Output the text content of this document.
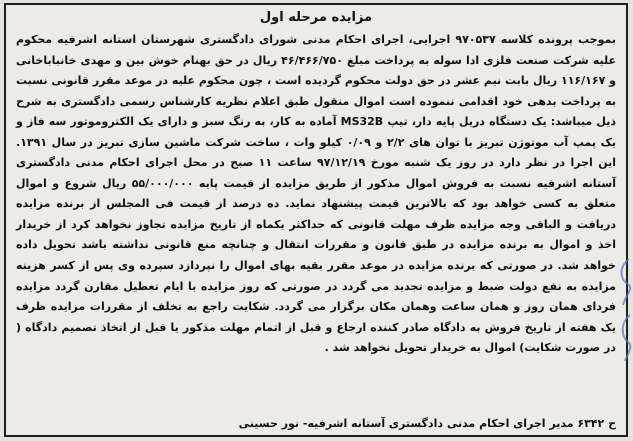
مزایده مرحله اول

بموجب پرونده کلاسه ۹۷۰۵۳۷ اجرایی، اجرای احکام مدنی شورای دادگستری شهرستان استانه اشرفیه محکوم علیه شرکت صنعت فلزی ادا سوله به پرداخت مبلغ ۴۶/۴۶۶/۷۵۰ ریال در حق بهنام خوش بین و مهدی خانباباخانی و ۱۱۶/۱۶۷ ریال بابت نیم عشر در حق دولت محکوم گردیده است ، چون محکوم علیه در موعد مقرر قانونی نسبت به پرداخت بدهی خود اقدامی ننموده است اموال منقول طبق اعلام نظریه کارشناس رسمی دادگستری به شرح ذیل میباشد: یک دستگاه دریل پایه دار، تیپ MS32B آماده به کار، به رنگ سبز و دارای یک الکتروموتور سه فاز و یک پمپ آب موتوژن تبریز با توان های ۲/۲ و ۰/۰۹ کیلو وات ، ساخت شرکت ماشین سازی تبریز در سال ۱۳۹۱. این اجرا در نظر دارد در روز یک شنبه مورخ ۹۷/۱۲/۱۹ ساعت ۱۱ صبح در محل اجرای احکام مدنی دادگستری آستانه اشرفیه نسبت به فروش اموال مذکور از طریق مزایده از قیمت پایه ۵۵/۰۰۰/۰۰۰ ریال شروع و اموال متعلق به کسی خواهد بود که بالاترین قیمت پیشنهاد نماید. ده درصد از قیمت فی المجلس از برنده مزایده دریافت و الباقی وجه مزایده ظرف مهلت قانونی که حداکثر یکماه از تاریخ مزایده تجاوز نخواهد کرد از خریدار اخذ و اموال به برنده مزایده در طبق قانون و مقررات انتقال و چنانچه منع قانونی نداشته باشد تحویل داده خواهد شد. در صورتی که برنده مزایده در موعد مقرر بقیه بهای اموال را نپردازد سپرده وی پس از کسر هزینه مزایده به نفع دولت ضبط و مزایده تجدید می گردد در صورتی که روز مزایده با ایام تعطیل مقارن گردد مزایده فردای همان روز و همان ساعت وهمان مکان برگزار می گردد. شکایت راجع به تخلف از مقررات مزایده ظرف یک هفته از تاریخ فروش به دادگاه صادر کننده ارجاع و قبل از اتمام مهلت مذکور یا قبل از اتخاذ تصمیم دادگاه ( در صورت شکایت) اموال به خریدار تحویل نخواهد شد .

ح ۶۳۴۲ مدیر اجرای احکام مدنی دادگستری آستانه اشرفیه- نور حسینی
